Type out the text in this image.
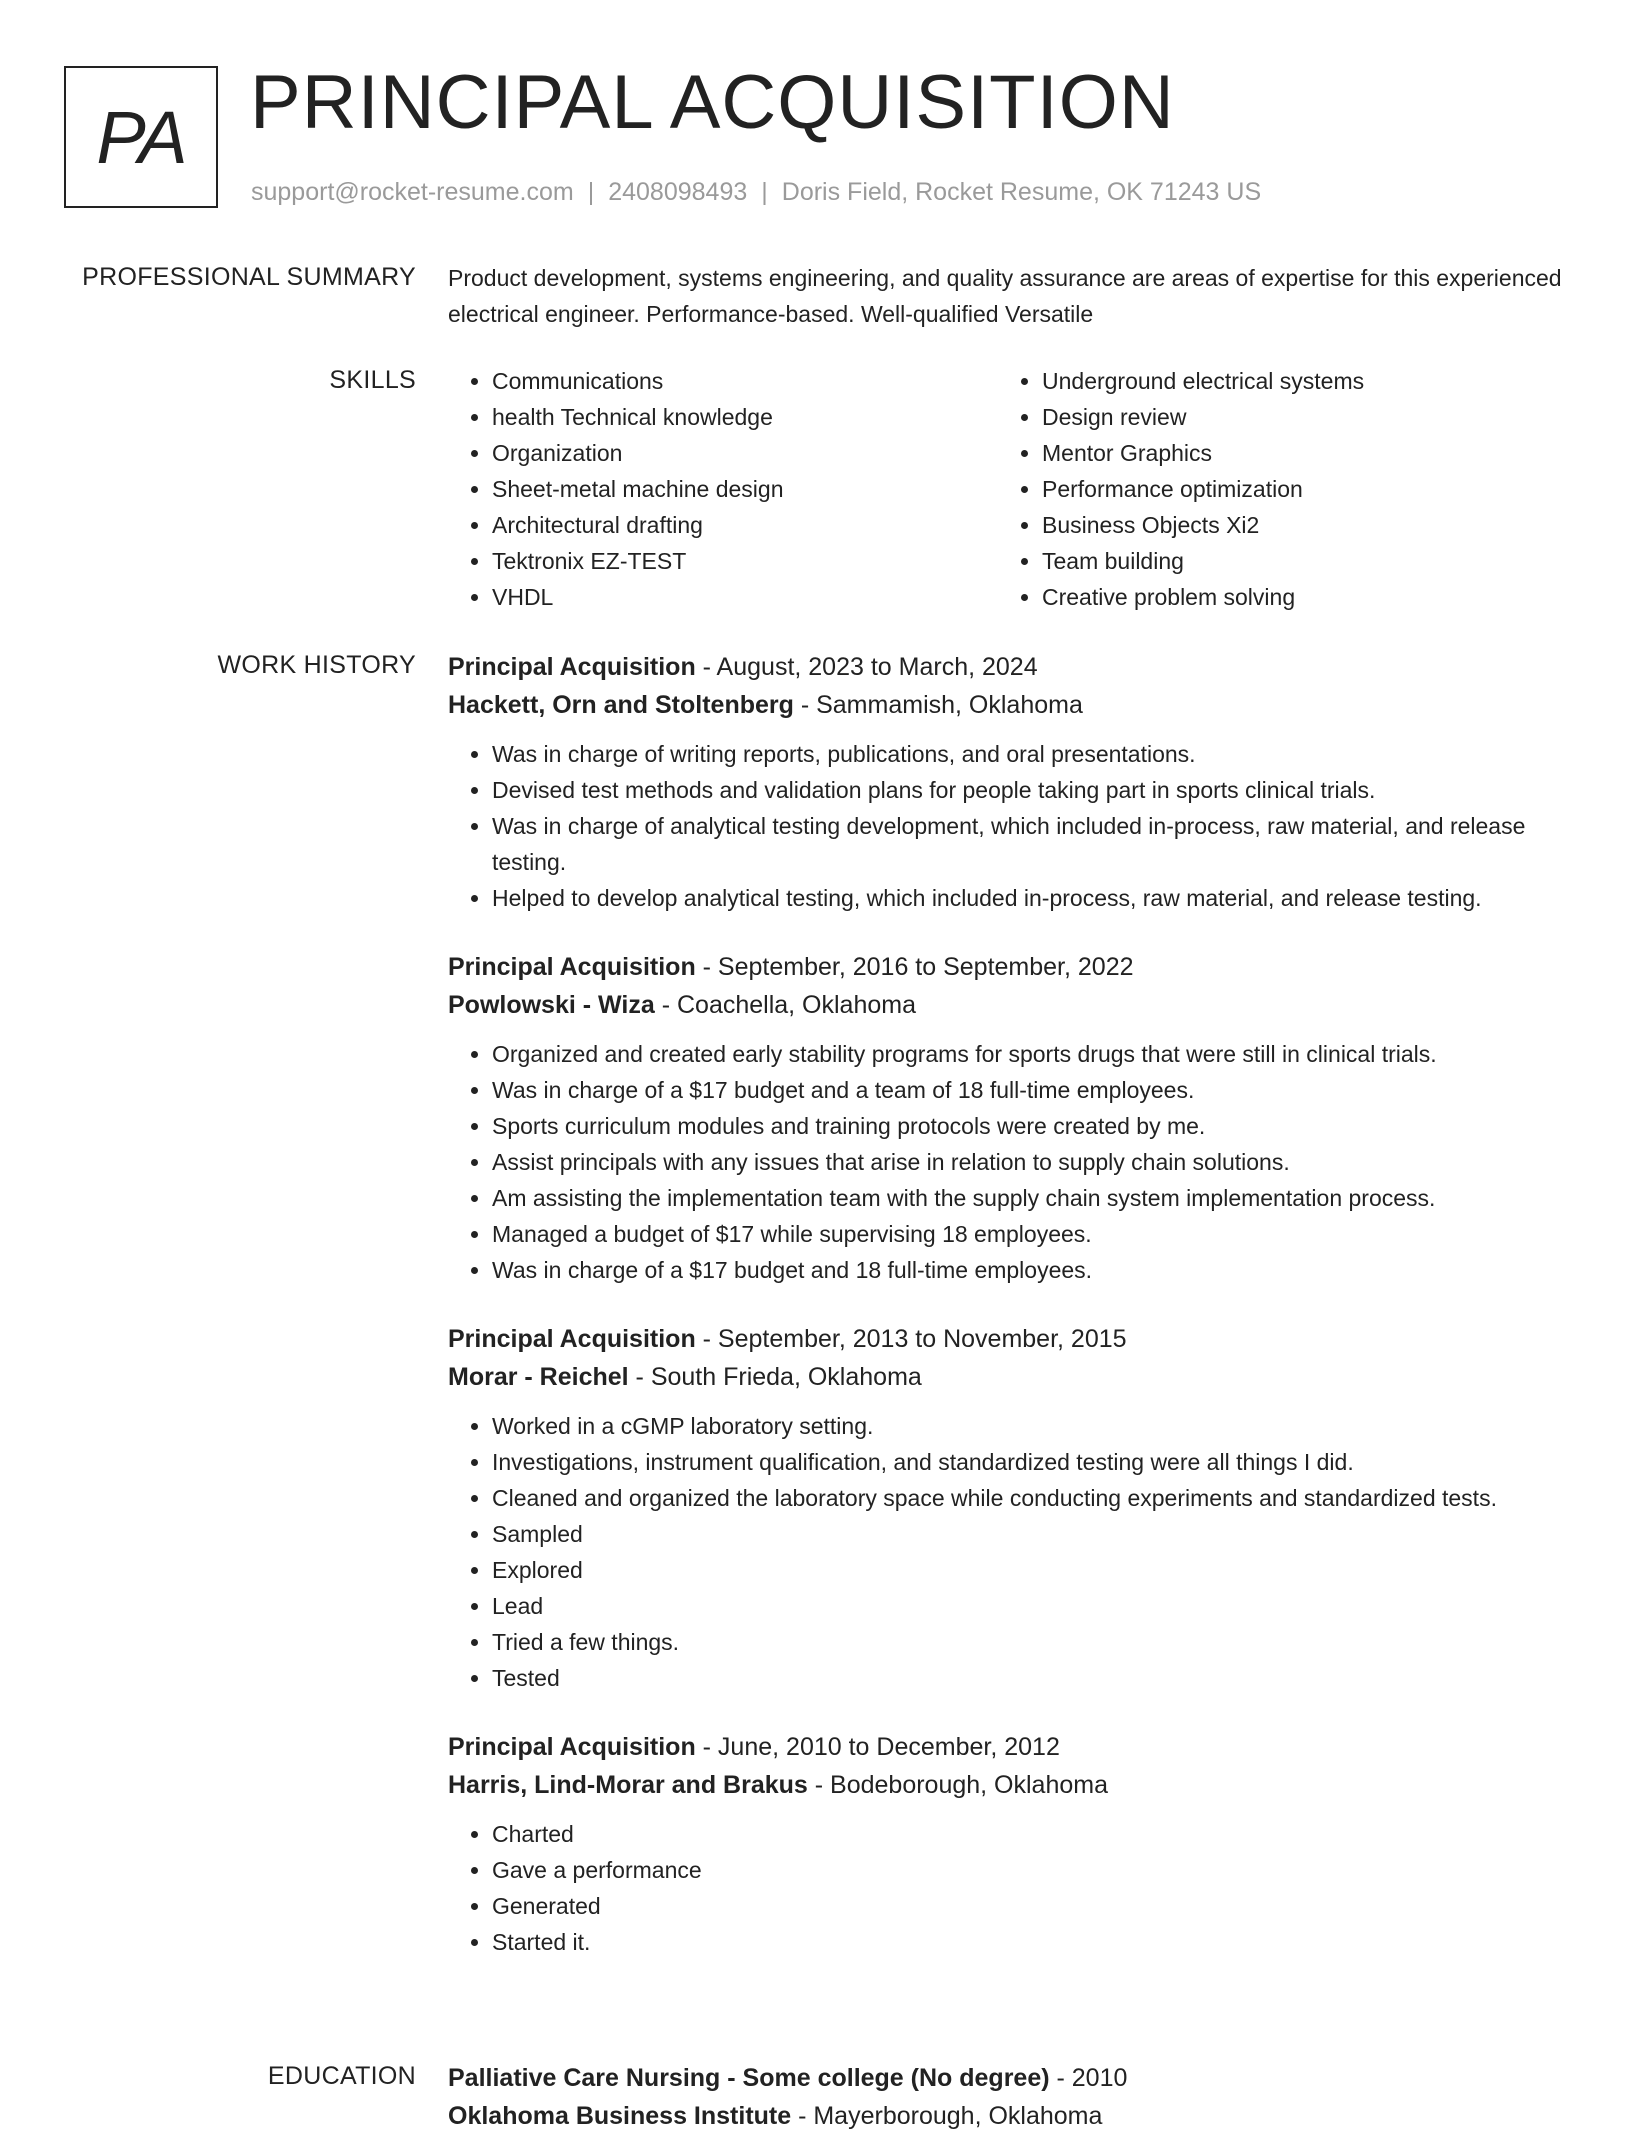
PA PRINCIPAL ACQUISITION
support@rocket-resume.com | 2408098493 | Doris Field, Rocket Resume, OK 71243 US
PROFESSIONAL SUMMARY Product development, systems engineering, and quality assurance are areas of expertise for this experienced electrical engineer. Performance-based. Well-qualified Versatile

SKILLS
•	Communications
• health Technical knowledge
• Organization
• Sheet-metal machine design
• Architectural drafting
• Tektronix EZ-TEST
• VHDL
• Underground electrical systems
• Design review
• Mentor Graphics
• Performance optimization
• Business Objects Xi2
• Team building
• Creative problem solving
WORK HISTORY Principal Acquisition - August, 2023 to March, 2024
Hackett, Orn and Stoltenberg - Sammamish, Oklahoma
• Was in charge of writing reports, publications, and oral presentations.
• Devised test methods and validation plans for people taking part in sports clinical trials.
• Was in charge of analytical testing development, which included in-process, raw material, and release testing.
• Helped to develop analytical testing, which included in-process, raw material, and release testing.
Principal Acquisition - September, 2016 to September, 2022
Powlowski - Wiza - Coachella, Oklahoma
• Organized and created early stability programs for sports drugs that were still in clinical trials.
• Was in charge of a $17 budget and a team of 18 full-time employees.
• Sports curriculum modules and training protocols were created by me.
• Assist principals with any issues that arise in relation to supply chain solutions.
• Am assisting the implementation team with the supply chain system implementation process.
• Managed a budget of $17 while supervising 18 employees.
• Was in charge of a $17 budget and 18 full-time employees.
Principal Acquisition - September, 2013 to November, 2015
Morar - Reichel - South Frieda, Oklahoma
• Worked in a cGMP laboratory setting.
• Investigations, instrument qualification, and standardized testing were all things I did.
• Cleaned and organized the laboratory space while conducting experiments and standardized tests.
• Sampled
• Explored
• Lead
• Tried a few things.
• Tested
Principal Acquisition - June, 2010 to December, 2012
Harris, Lind-Morar and Brakus - Bodeborough, Oklahoma
• Charted
• Gave a performance
• Generated
• Started it.
EDUCATION Palliative Care Nursing - Some college (No degree) - 2010
Oklahoma Business Institute - Mayerborough, Oklahoma
